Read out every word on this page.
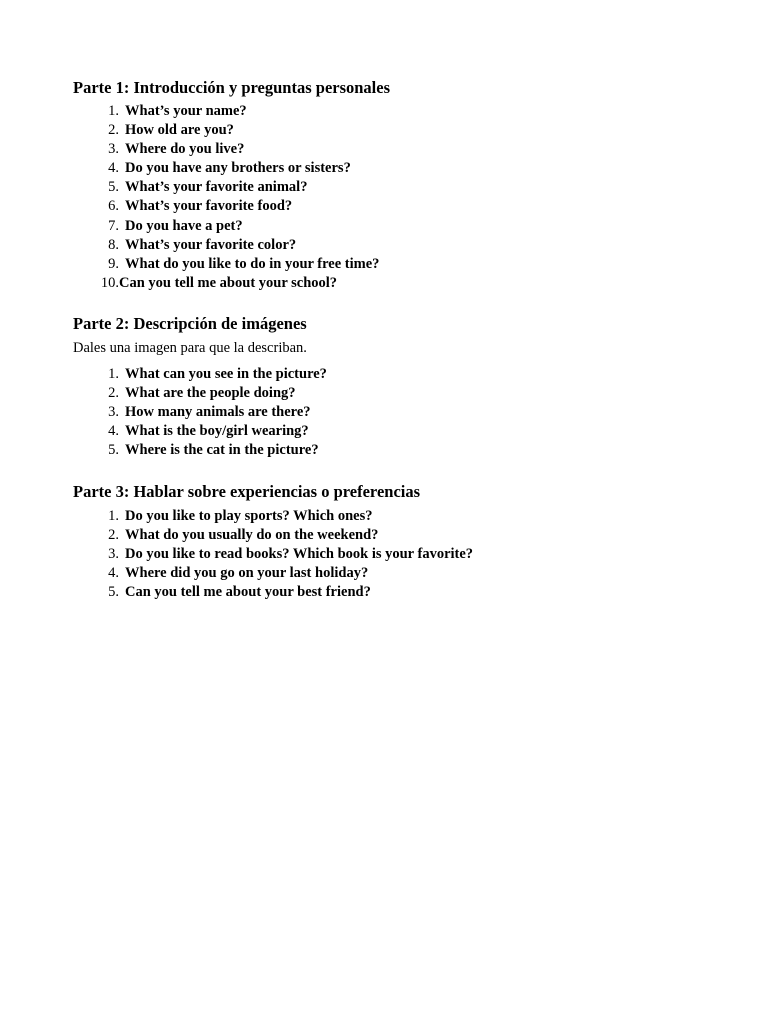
Parte 1: Introducción y preguntas personales
1. What’s your name?
2. How old are you?
3. Where do you live?
4. Do you have any brothers or sisters?
5. What’s your favorite animal?
6. What’s your favorite food?
7. Do you have a pet?
8. What’s your favorite color?
9. What do you like to do in your free time?
10. Can you tell me about your school?
Parte 2: Descripción de imágenes

Dales una imagen para que la describan.

1. What can you see in the picture?
2. What are the people doing?
3. How many animals are there?
4. What is the boy/girl wearing?
5. Where is the cat in the picture?
Parte 3: Hablar sobre experiencias o preferencias
1. Do you like to play sports? Which ones?
2. What do you usually do on the weekend?
3. Do you like to read books? Which book is your favorite?
4. Where did you go on your last holiday?
5. Can you tell me about your best friend?
